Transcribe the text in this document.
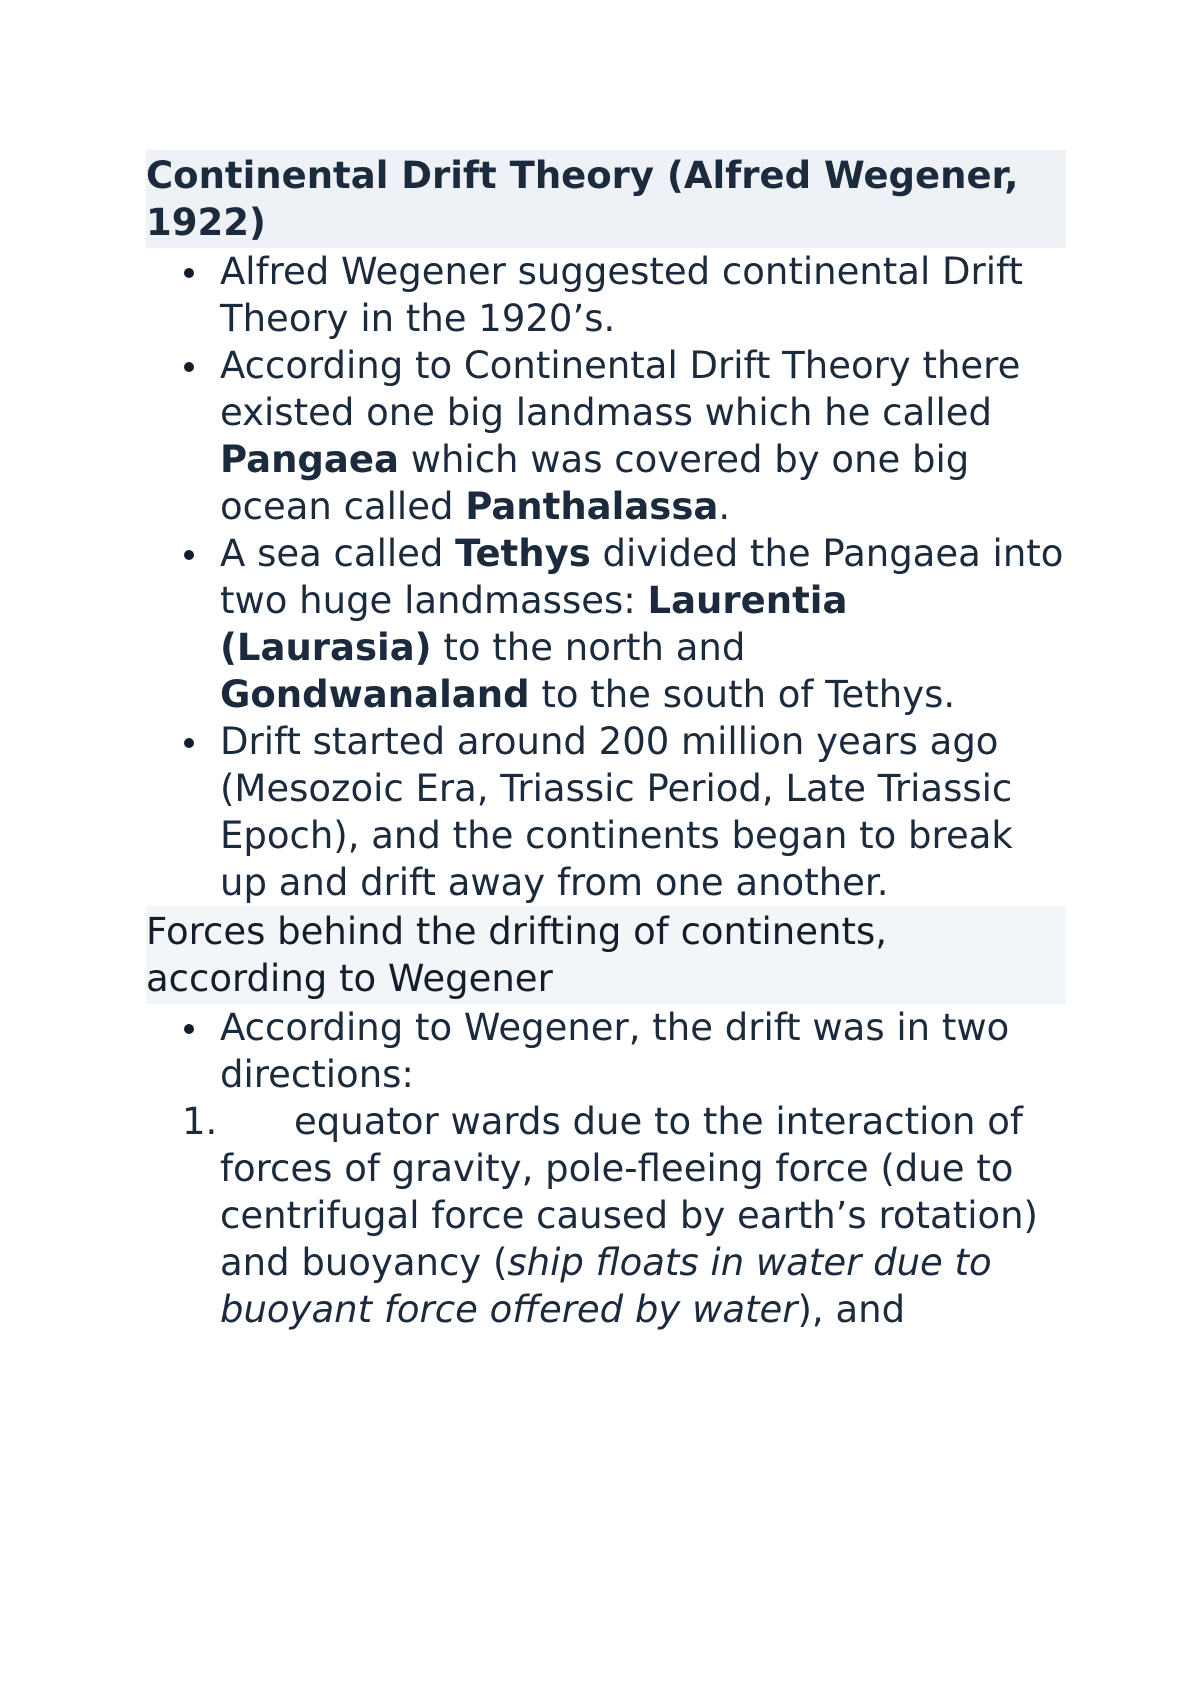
Continental Drift Theory (Alfred Wegener, 1922)
Alfred Wegener suggested continental Drift Theory in the 1920’s.
According to Continental Drift Theory there existed one big landmass which he called Pangaea which was covered by one big ocean called Panthalassa.
A sea called Tethys divided the Pangaea into two huge landmasses: Laurentia (Laurasia) to the north and Gondwanaland to the south of Tethys.
Drift started around 200 million years ago (Mesozoic Era, Triassic Period, Late Triassic Epoch), and the continents began to break up and drift away from one another.
Forces behind the drifting of continents, according to Wegener
According to Wegener, the drift was in two directions:
1. equator wards due to the interaction of forces of gravity, pole-fleeing force (due to centrifugal force caused by earth’s rotation) and buoyancy (ship floats in water due to buoyant force offered by water), and
